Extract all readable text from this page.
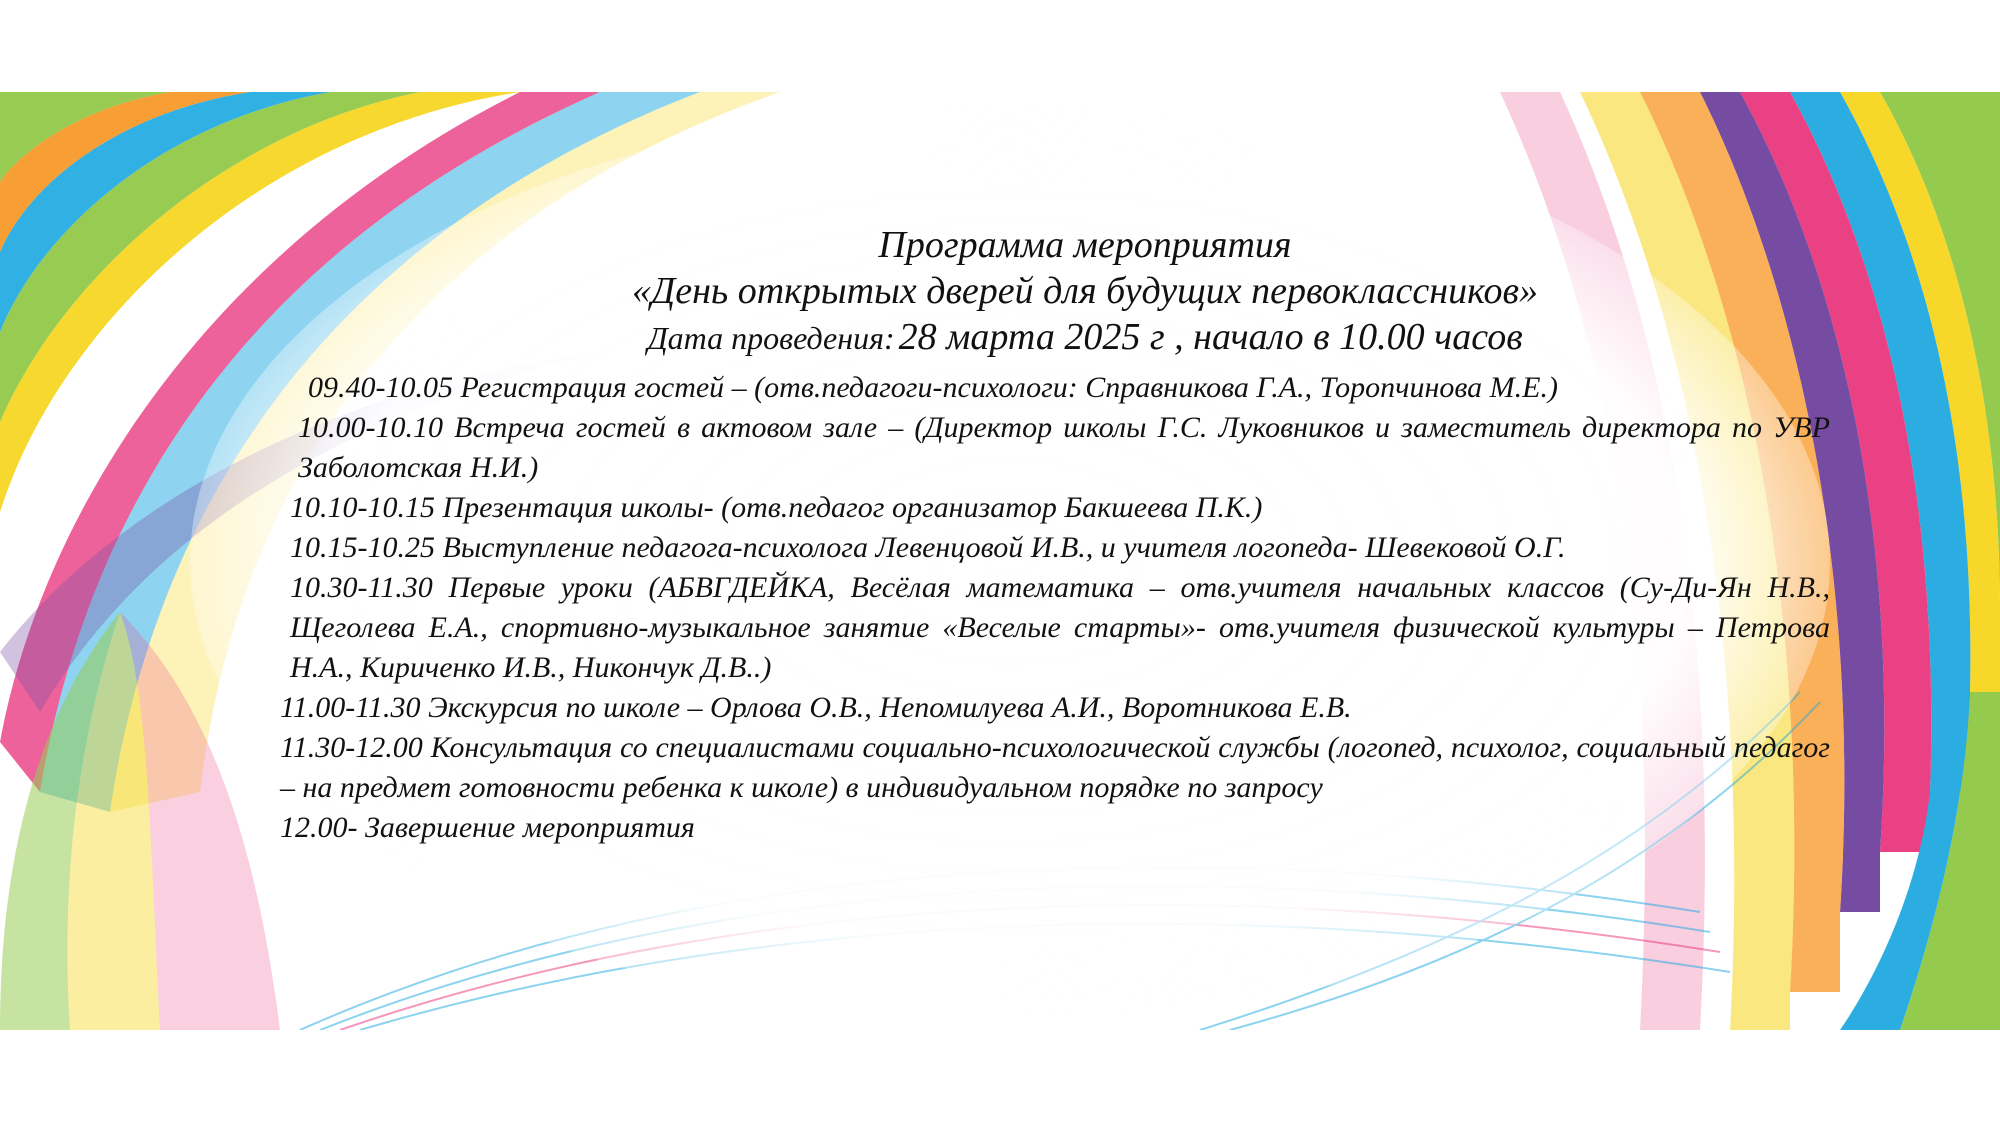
Программа мероприятия

«День открытых дверей для будущих первоклассников»

Дата проведения: 28 марта 2025 г , начало в 10.00 часов

09.40-10.05 Регистрация гостей – (отв.педагоги-психологи: Справникова Г.А., Торопчинова М.Е.)

10.00-10.10 Встреча гостей в актовом зале – (Директор школы Г.С. Луковников и заместитель директора по УВР Заболотская Н.И.)

10.10-10.15 Презентация школы- (отв.педагог организатор Бакшеева П.К.)

10.15-10.25 Выступление педагога-психолога Левенцовой И.В., и учителя логопеда- Шевековой О.Г.

10.30-11.30 Первые уроки (АБВГДЕЙКА, Весёлая математика – отв.учителя начальных классов (Су-Ди-Ян Н.В., Щеголева Е.А., спортивно-музыкальное занятие «Веселые старты»- отв.учителя физической культуры – Петрова Н.А., Кириченко И.В., Никончук Д.В..)

11.00-11.30 Экскурсия по школе – Орлова О.В., Непомилуева А.И., Воротникова Е.В.

11.30-12.00 Консультация со специалистами социально-психологической службы (логопед, психолог, социальный педагог – на предмет готовности ребенка к школе) в индивидуальном порядке по запросу

12.00- Завершение мероприятия
